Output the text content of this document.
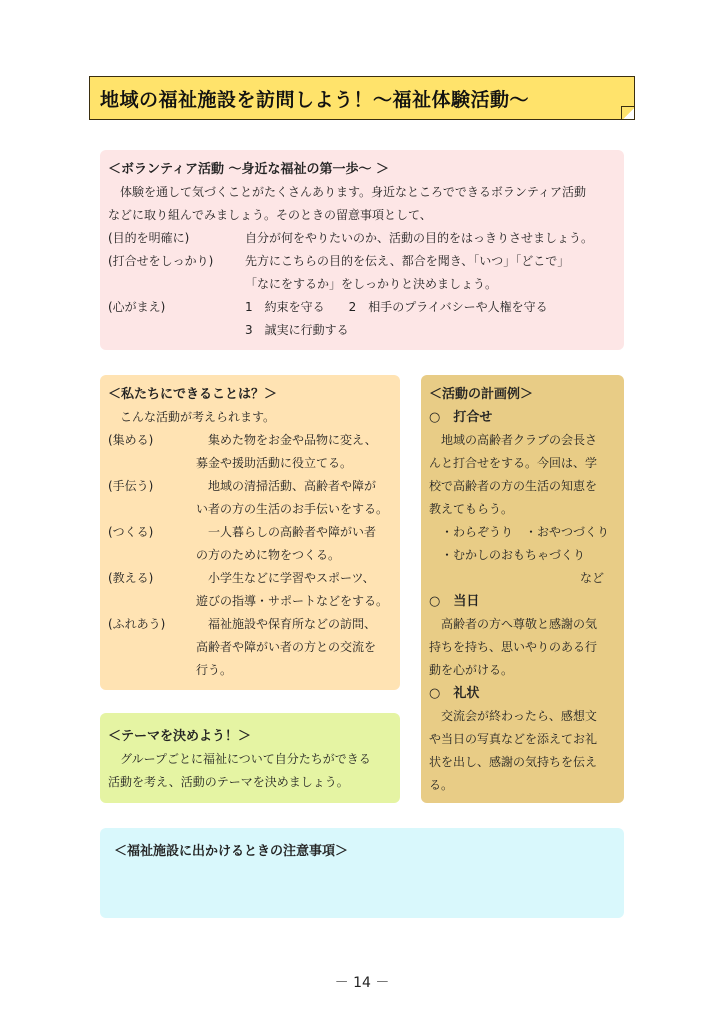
地域の福祉施設を訪問しよう！〜福祉体験活動〜
＜ボランティア活動 〜身近な福祉の第一歩〜 ＞
体験を通して気づくことがたくさんあります。身近なところでできるボランティア活動
などに取り組んでみましょう。そのときの留意事項として、
(目的を明確に)	自分が何をやりたいのか、活動の目的をはっきりさせましょう。
(打合せをしっかり)	先方にこちらの目的を伝え、都合を聞き、「いつ」「どこで」
「なにをするか」をしっかりと決めましょう。
(心がまえ)	1　約束を守る　　2　相手のプライバシーや人権を守る
3　誠実に行動する
＜私たちにできることは？＞
こんな活動が考えられます。
(集める)	　集めた物をお金や品物に変え、
募金や援助活動に役立てる。
(手伝う)	　地域の清掃活動、高齢者や障が
い者の方の生活のお手伝いをする。
(つくる)	　一人暮らしの高齢者や障がい者
の方のために物をつくる。
(教える)	　小学生などに学習やスポーツ、
遊びの指導・サポートなどをする。
(ふれあう)	　福祉施設や保育所などの訪問、
高齢者や障がい者の方との交流を
行う。
＜活動の計画例＞
○　打合せ
　地域の高齢者クラブの会長さ
んと打合せをする。今回は、学
校で高齢者の方の生活の知恵を
教えてもらう。
・わらぞうり　・おやつづくり
・むかしのおもちゃづくり
など
○　当日
　高齢者の方へ尊敬と感謝の気
持ちを持ち、思いやりのある行
動を心がける。
○　礼状
　交流会が終わったら、感想文
や当日の写真などを添えてお礼
状を出し、感謝の気持ちを伝え
る。
＜テーマを決めよう！＞
　グループごとに福祉について自分たちができる
活動を考え、活動のテーマを決めましょう。
＜福祉施設に出かけるときの注意事項＞
－ 14 －
